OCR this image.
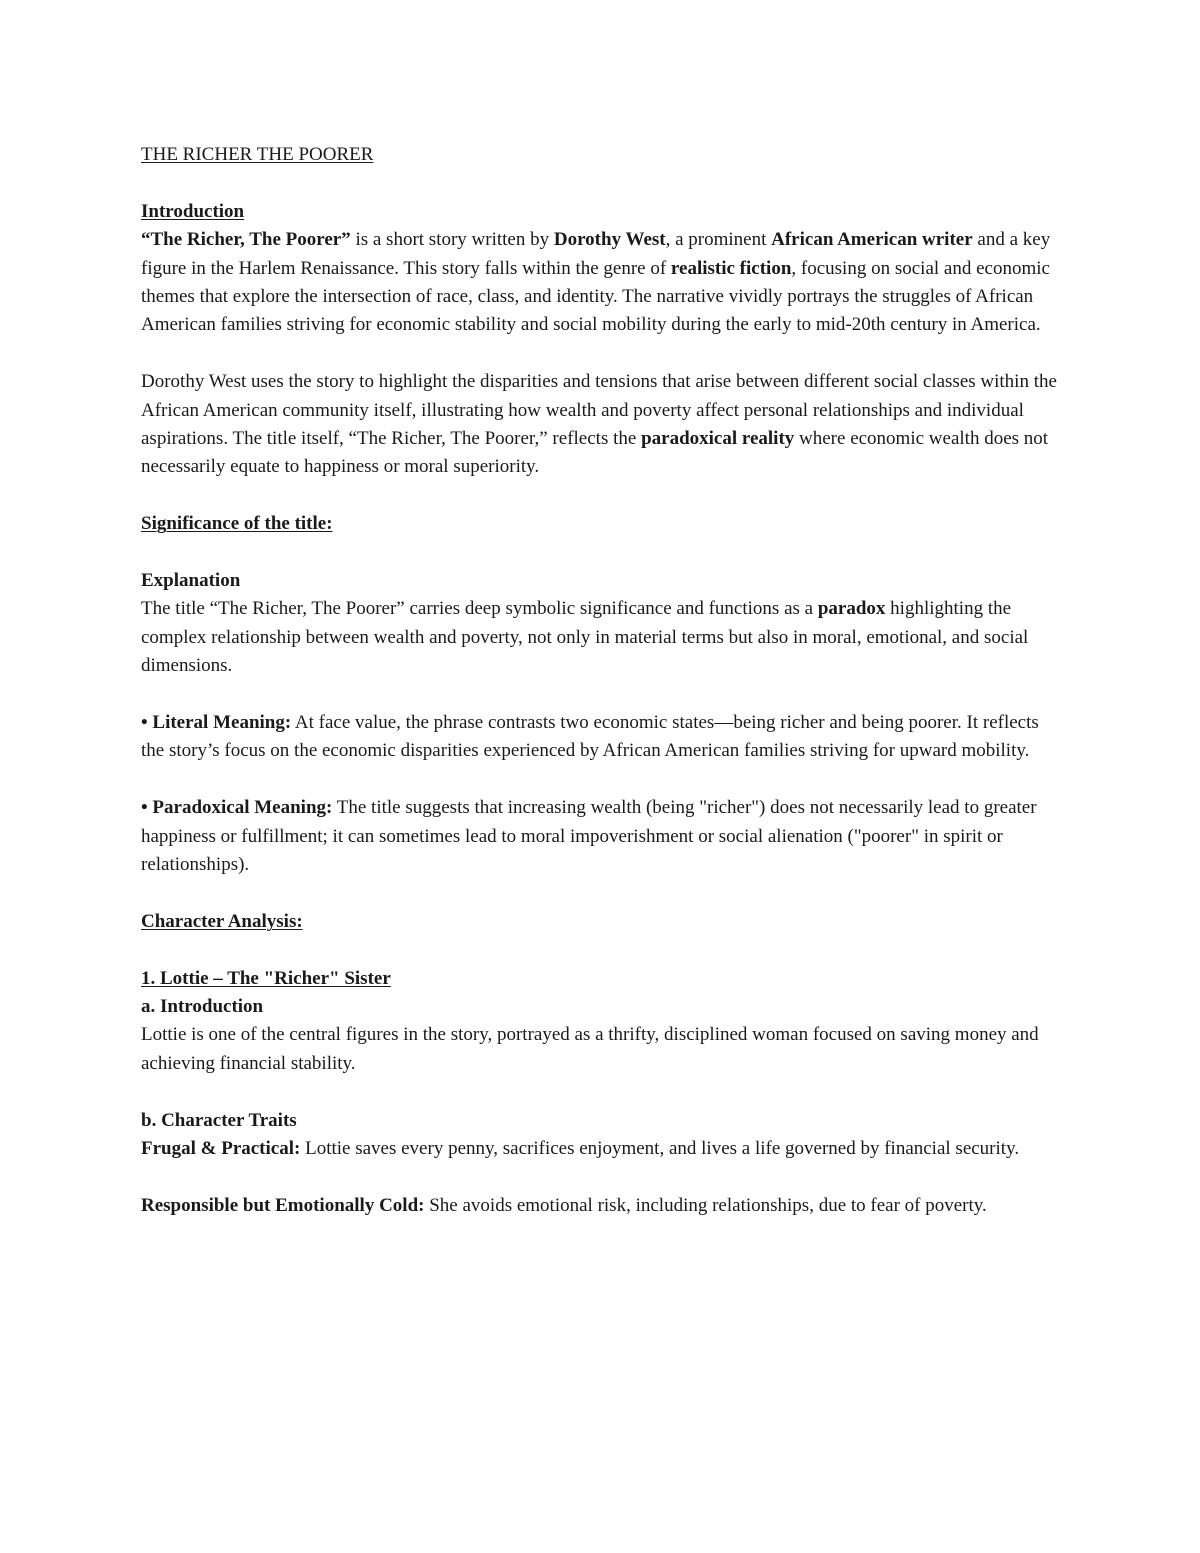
THE RICHER THE POORER

Introduction

“The Richer, The Poorer” is a short story written by Dorothy West, a prominent African American writer and a key figure in the Harlem Renaissance. This story falls within the genre of realistic fiction, focusing on social and economic themes that explore the intersection of race, class, and identity. The narrative vividly portrays the struggles of African American families striving for economic stability and social mobility during the early to mid-20th century in America.

Dorothy West uses the story to highlight the disparities and tensions that arise between different social classes within the African American community itself, illustrating how wealth and poverty affect personal relationships and individual aspirations. The title itself, “The Richer, The Poorer,” reflects the paradoxical reality where economic wealth does not necessarily equate to happiness or moral superiority.

Significance of the title:

Explanation

The title “The Richer, The Poorer” carries deep symbolic significance and functions as a paradox highlighting the complex relationship between wealth and poverty, not only in material terms but also in moral, emotional, and social dimensions.

• Literal Meaning: At face value, the phrase contrasts two economic states—being richer and being poorer. It reflects the story’s focus on the economic disparities experienced by African American families striving for upward mobility.

• Paradoxical Meaning: The title suggests that increasing wealth (being "richer") does not necessarily lead to greater happiness or fulfillment; it can sometimes lead to moral impoverishment or social alienation ("poorer" in spirit or relationships).

Character Analysis:

1. Lottie – The "Richer" Sister

a. Introduction

Lottie is one of the central figures in the story, portrayed as a thrifty, disciplined woman focused on saving money and achieving financial stability.

b. Character Traits

Frugal & Practical: Lottie saves every penny, sacrifices enjoyment, and lives a life governed by financial security.

Responsible but Emotionally Cold: She avoids emotional risk, including relationships, due to fear of poverty.
